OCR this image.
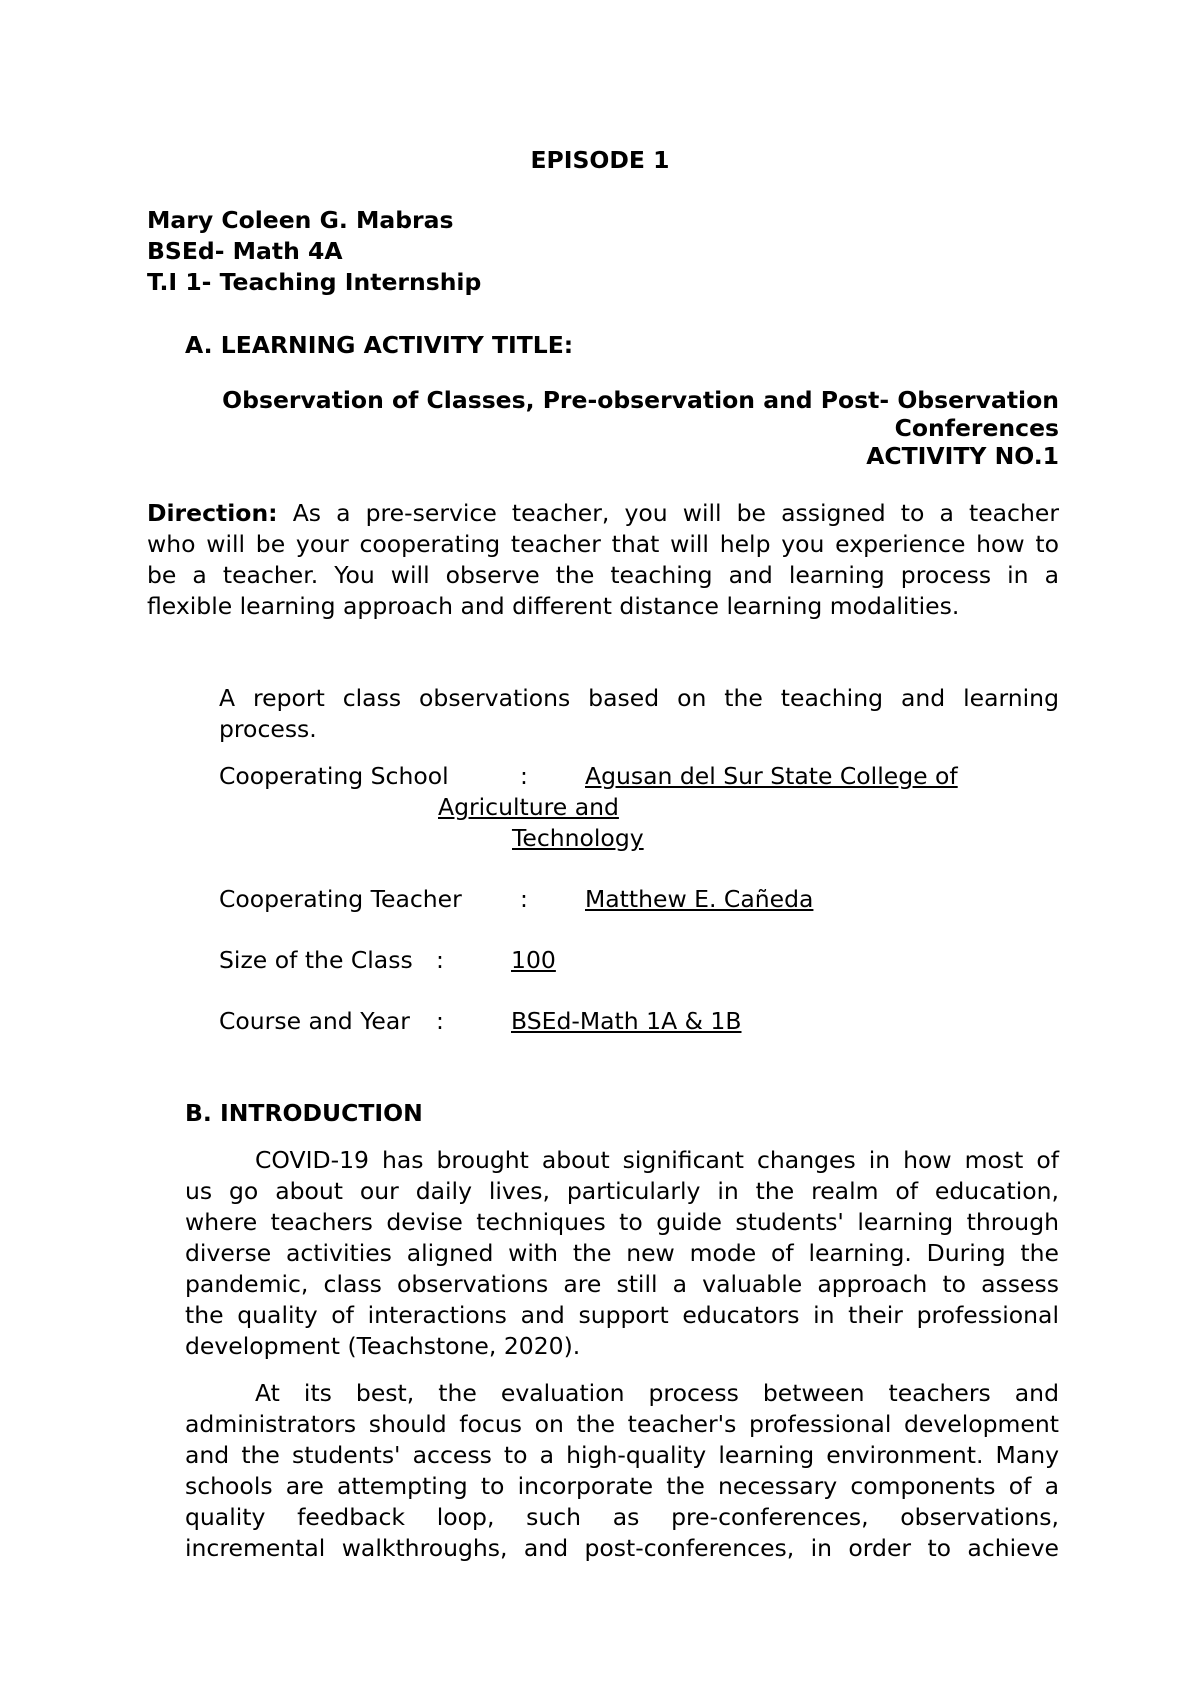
EPISODE 1
Mary Coleen G. Mabras
BSEd- Math 4A
T.I 1- Teaching Internship
A. LEARNING ACTIVITY TITLE:
Observation of Classes, Pre-observation and Post- Observation
Conferences
ACTIVITY NO.1
Direction: As a pre-service teacher, you will be assigned to a teacher
who will be your cooperating teacher that will help you experience how to
be a teacher. You will observe the teaching and learning process in a
flexible learning approach and different distance learning modalities.
A report class observations based on the teaching and learning
process.
Cooperating School	: Agusan del Sur State College of
Agriculture and
Technology
Cooperating Teacher : Matthew E. Cañeda
Size of the Class :	100
Course and Year :	BSEd-Math 1A & 1B
B. INTRODUCTION
COVID-19 has brought about significant changes in how most of
us go about our daily lives, particularly in the realm of education,
where teachers devise techniques to guide students' learning through
diverse activities aligned with the new mode of learning. During the
pandemic, class observations are still a valuable approach to assess
the quality of interactions and support educators in their professional
development (Teachstone, 2020).
At its best, the evaluation process between teachers and
administrators should focus on the teacher's professional development
and the students' access to a high-quality learning environment. Many
schools are attempting to incorporate the necessary components of a
quality feedback loop, such as pre-conferences, observations,
incremental walkthroughs, and post-conferences, in order to achieve
